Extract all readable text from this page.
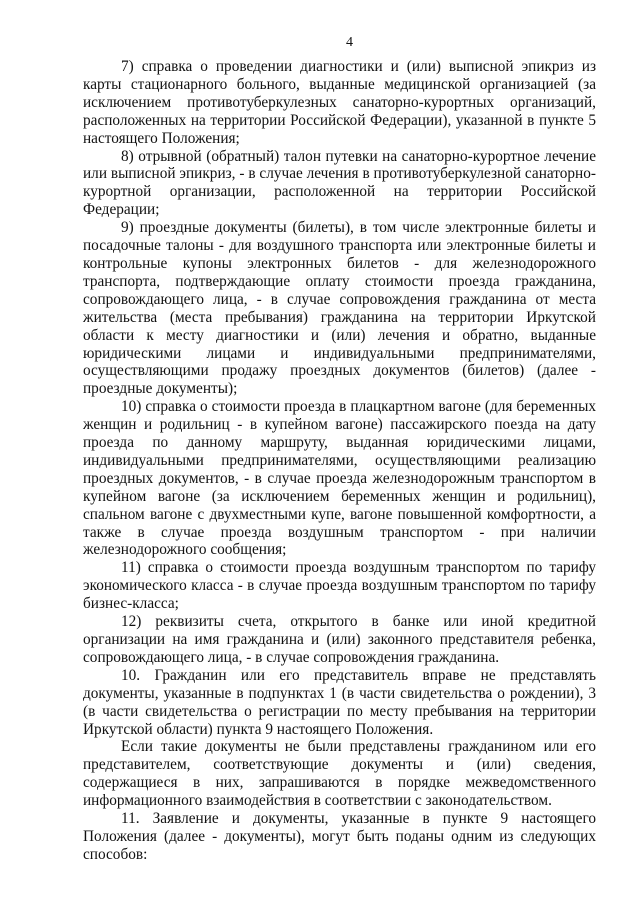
4

7) справка о проведении диагностики и (или) выписной эпикриз из карты стационарного больного, выданные медицинской организацией (за исключением противотуберкулезных санаторно-курортных организаций, расположенных на территории Российской Федерации), указанной в пункте 5 настоящего Положения;

8) отрывной (обратный) талон путевки на санаторно-курортное лечение или выписной эпикриз, - в случае лечения в противотуберкулезной санаторно-курортной организации, расположенной на территории Российской Федерации;

9) проездные документы (билеты), в том числе электронные билеты и посадочные талоны - для воздушного транспорта или электронные билеты и контрольные купоны электронных билетов - для железнодорожного транспорта, подтверждающие оплату стоимости проезда гражданина, сопровождающего лица, - в случае сопровождения гражданина от места жительства (места пребывания) гражданина на территории Иркутской области к месту диагностики и (или) лечения и обратно, выданные юридическими лицами и индивидуальными предпринимателями, осуществляющими продажу проездных документов (билетов) (далее - проездные документы);

10) справка о стоимости проезда в плацкартном вагоне (для беременных женщин и родильниц - в купейном вагоне) пассажирского поезда на дату проезда по данному маршруту, выданная юридическими лицами, индивидуальными предпринимателями, осуществляющими реализацию проездных документов, - в случае проезда железнодорожным транспортом в купейном вагоне (за исключением беременных женщин и родильниц), спальном вагоне с двухместными купе, вагоне повышенной комфортности, а также в случае проезда воздушным транспортом - при наличии железнодорожного сообщения;

11) справка о стоимости проезда воздушным транспортом по тарифу экономического класса - в случае проезда воздушным транспортом по тарифу бизнес-класса;

12) реквизиты счета, открытого в банке или иной кредитной организации на имя гражданина и (или) законного представителя ребенка, сопровождающего лица, - в случае сопровождения гражданина.

10. Гражданин или его представитель вправе не представлять документы, указанные в подпунктах 1 (в части свидетельства о рождении), 3 (в части свидетельства о регистрации по месту пребывания на территории Иркутской области) пункта 9 настоящего Положения.

Если такие документы не были представлены гражданином или его представителем, соответствующие документы и (или) сведения, содержащиеся в них, запрашиваются в порядке межведомственного информационного взаимодействия в соответствии с законодательством.

11. Заявление и документы, указанные в пункте 9 настоящего Положения (далее - документы), могут быть поданы одним из следующих способов:
